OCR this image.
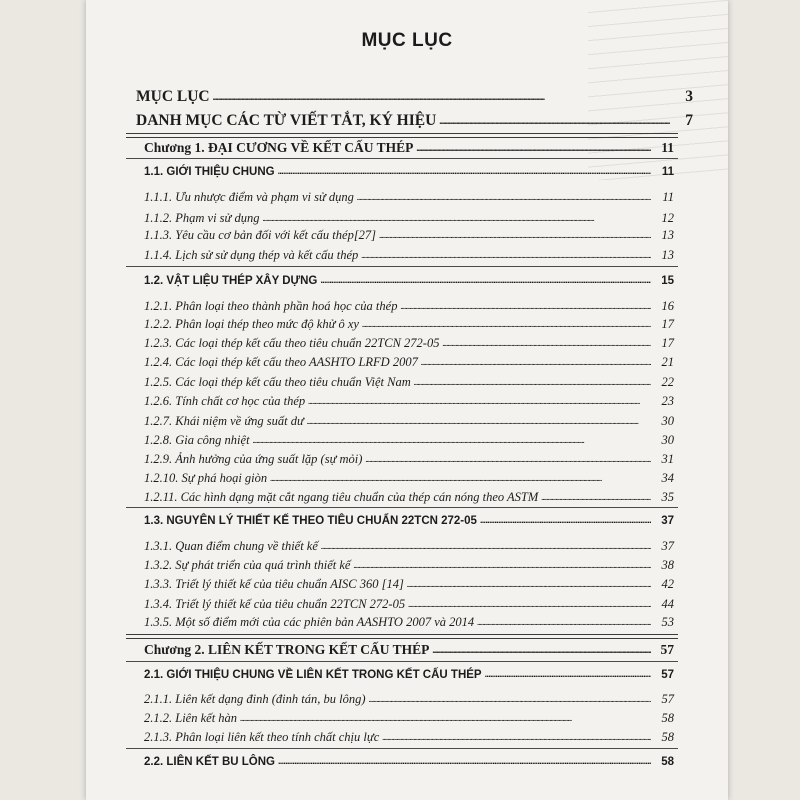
MỤC LỤC
MỤC LỤC . . .	3
DANH MỤC CÁC TỪ VIẾT TẮT, KÝ HIỆU . . .	7
Chương 1. ĐẠI CƯƠNG VỀ KẾT CẤU THÉP . . .	11
1.1. GIỚI THIỆU CHUNG . . .	11
1.1.1. Ưu nhược điểm và phạm vi sử dụng . . .	11
1.1.2. Phạm vi sử dụng . . .	12
1.1.3. Yêu cầu cơ bản đối với kết cấu thép[27] . . .	13
1.1.4. Lịch sử sử dụng thép và kết cấu thép . . .	13
1.2. VẬT LIỆU THÉP XÂY DỰNG . . .	15
1.2.1. Phân loại theo thành phần hoá học của thép . . .	16
1.2.2. Phân loại thép theo mức độ khử ô xy . . .	17
1.2.3. Các loại thép kết cấu theo tiêu chuẩn 22TCN 272-05 . . .	17
1.2.4. Các loại thép kết cấu theo AASHTO LRFD 2007 . . .	21
1.2.5. Các loại thép kết cấu theo tiêu chuẩn Việt Nam . . .	22
1.2.6. Tính chất cơ học của thép . . .	23
1.2.7. Khái niệm về ứng suất dư . . .	30
1.2.8. Gia công nhiệt . . .	30
1.2.9. Ảnh hưởng của ứng suất lặp (sự mỏi) . . .	31
1.2.10. Sự phá hoại giòn . . .	34
1.2.11. Các hình dạng mặt cắt ngang tiêu chuẩn của thép cán nóng theo ASTM . . .	35
1.3. NGUYÊN LÝ THIẾT KẾ THEO TIÊU CHUẨN 22TCN 272-05 . . .	37
1.3.1. Quan điểm chung về thiết kế . . .	37
1.3.2. Sự phát triển của quá trình thiết kế . . .	38
1.3.3. Triết lý thiết kế của tiêu chuẩn AISC 360 [14] . . .	42
1.3.4. Triết lý thiết kế của tiêu chuẩn 22TCN 272-05 . . .	44
1.3.5. Một số điểm mới của các phiên bản AASHTO 2007 và 2014 . . .	53
Chương 2. LIÊN KẾT TRONG KẾT CẤU THÉP . . .	57
2.1. GIỚI THIỆU CHUNG VỀ LIÊN KẾT TRONG KẾT CẤU THÉP . . .	57
2.1.1. Liên kết dạng đinh (đinh tán, bu lông) . . .	57
2.1.2. Liên kết hàn . . .	58
2.1.3. Phân loại liên kết theo tính chất chịu lực . . .	58
2.2. LIÊN KẾT BU LÔNG . . .	58
